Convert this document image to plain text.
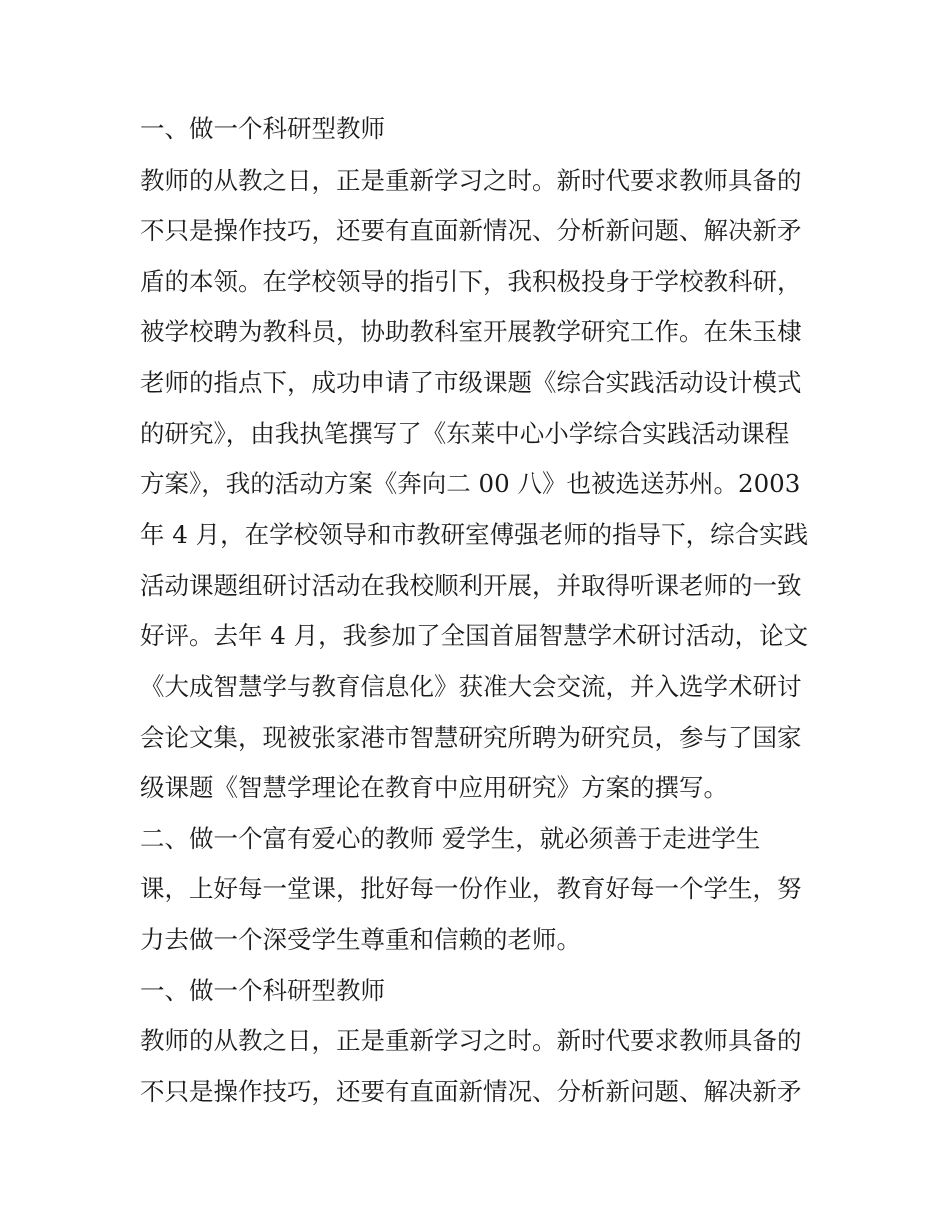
一、做一个科研型教师
教师的从教之日，正是重新学习之时。新时代要求教师具备的
不只是操作技巧，还要有直面新情况、分析新问题、解决新矛
盾的本领。在学校领导的指引下，我积极投身于学校教科研，
被学校聘为教科员，协助教科室开展教学研究工作。在朱玉棣
老师的指点下，成功申请了市级课题《综合实践活动设计模式
的研究》，由我执笔撰写了《东莱中心小学综合实践活动课程
方案》，我的活动方案《奔向二 00 八》也被选送苏州。2003
年 4 月，在学校领导和市教研室傅强老师的指导下，综合实践
活动课题组研讨活动在我校顺利开展，并取得听课老师的一致
好评。去年 4 月，我参加了全国首届智慧学术研讨活动，论文
《大成智慧学与教育信息化》获准大会交流，并入选学术研讨
会论文集，现被张家港市智慧研究所聘为研究员，参与了国家
级课题《智慧学理论在教育中应用研究》方案的撰写。
二、做一个富有爱心的教师 爱学生，就必须善于走进学生
课，上好每一堂课，批好每一份作业，教育好每一个学生，努
力去做一个深受学生尊重和信赖的老师。
一、做一个科研型教师
教师的从教之日，正是重新学习之时。新时代要求教师具备的
不只是操作技巧，还要有直面新情况、分析新问题、解决新矛
